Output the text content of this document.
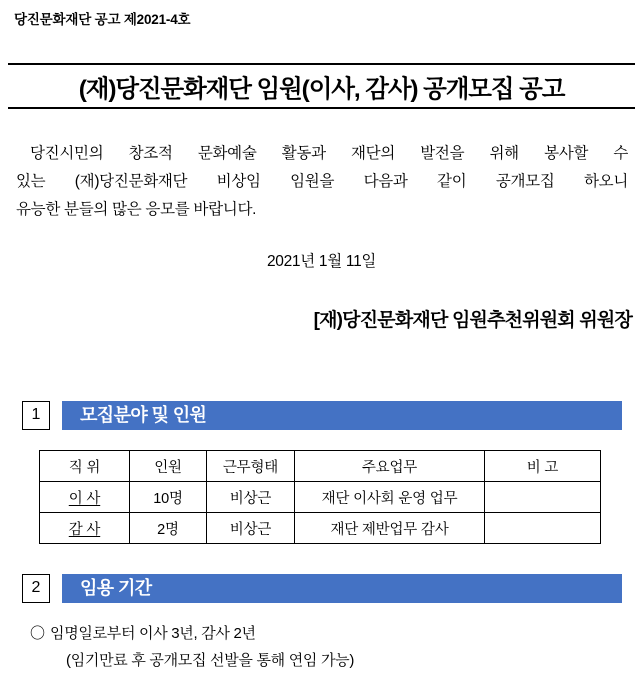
당진문화재단 공고 제2021-4호
(재)당진문화재단 임원(이사, 감사) 공개모집 공고
당진시민의 창조적 문화예술 활동과 재단의 발전을 위해 봉사할 수
있는 (재)당진문화재단 비상임 임원을 다음과 같이 공개모집 하오니
유능한 분들의 많은 응모를 바랍니다.
2021년 1월 11일
[재)당진문화재단 임원추천위원회 위원장
1	모집분야 및 인원
직 위	인원	근무형태	주요업무	비 고
이 사	10명	비상근	재단 이사회 운영 업무	
감 사	2명	비상근	재단 제반업무 감사	
2	임용 기간
〇 임명일로부터 이사 3년, 감사 2년
(임기만료 후 공개모집 선발을 통해 연임 가능)
